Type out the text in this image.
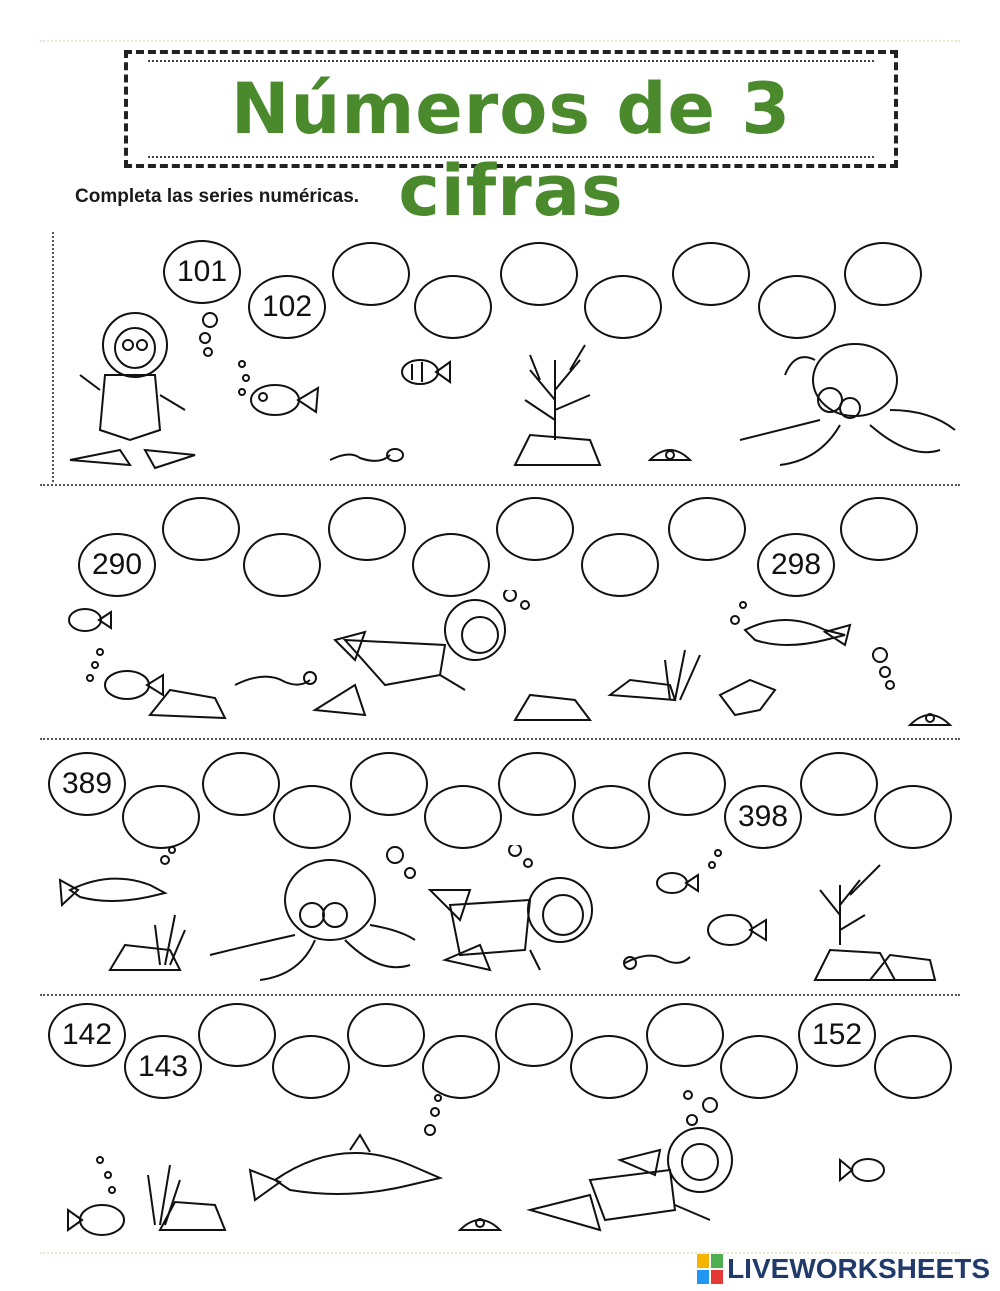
Números de 3 cifras
Completa las series numéricas.
101
102
290	298
389
398
142
143
152
LIVEWORKSHEETS
